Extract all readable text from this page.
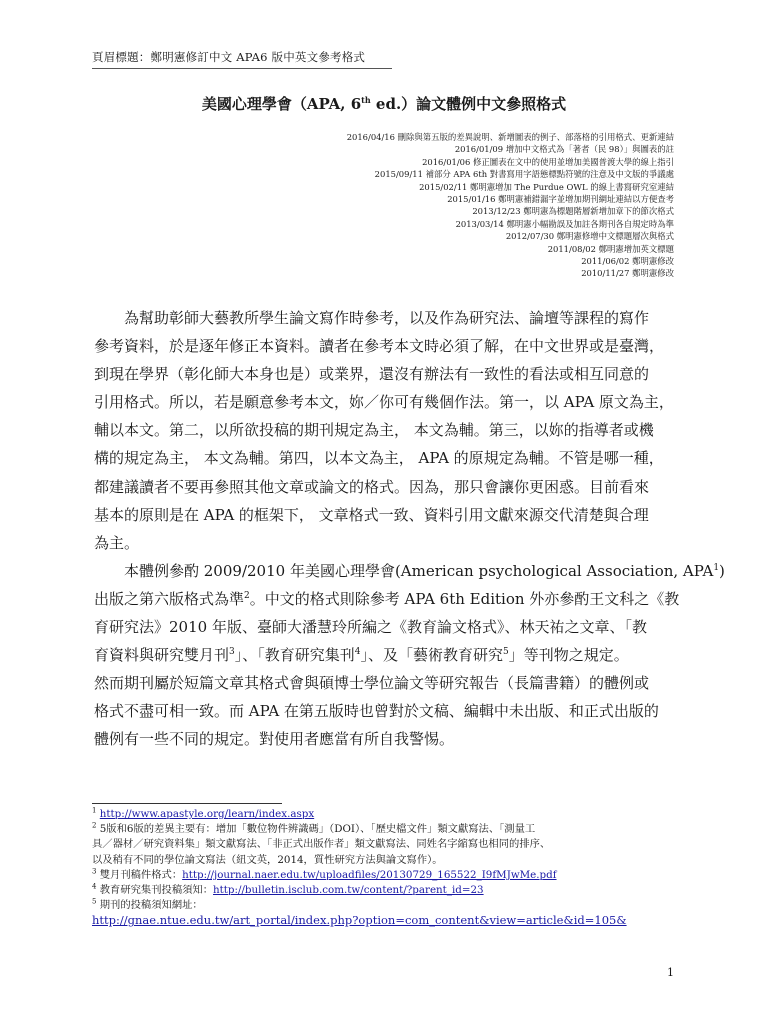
頁眉標題：鄭明憲修訂中文 APA6 版中英文參考格式
美國心理學會（APA, 6th ed.）論文體例中文參照格式
2016/04/16 刪除與第五版的差異說明、新增圖表的例子、部落格的引用格式、更新連結
2016/01/09 增加中文格式為「著者（民 98）」與圖表的註
2016/01/06 修正圖表在文中的使用並增加美國普渡大學的線上指引
2015/09/11 補部分 APA 6th 對書寫用字語態標點符號的注意及中文版的爭議處
2015/02/11 鄭明憲增加 The Purdue OWL 的線上書寫研究室連結
2015/01/16 鄭明憲補錯漏字並增加期刊網址連結以方便查考
2013/12/23 鄭明憲為標題階層新增加章下的節次格式
2013/03/14 鄭明憲小幅勘誤及加註各期刊各自規定時為準
2012/07/30 鄭明憲修增中文標題層次與格式
2011/08/02 鄭明憲增加英文標題
2011/06/02 鄭明憲修改
2010/11/27 鄭明憲修改
　　為幫助彰師大藝教所學生論文寫作時參考，以及作為研究法、論壇等課程的寫作
參考資料，於是逐年修正本資料。讀者在參考本文時必須了解，在中文世界或是臺灣，
到現在學界（彰化師大本身也是）或業界，還沒有辦法有一致性的看法或相互同意的
引用格式。所以，若是願意參考本文，妳／你可有幾個作法。第一，以 APA 原文為主，
輔以本文。第二，以所欲投稿的期刊規定為主， 本文為輔。第三，以妳的指導者或機
構的規定為主， 本文為輔。第四，以本文為主， APA 的原規定為輔。不管是哪一種，
都建議讀者不要再參照其他文章或論文的格式。因為，那只會讓你更困惑。目前看來
基本的原則是在 APA 的框架下， 文章格式一致、資料引用文獻來源交代清楚與合理
為主。
　　本體例參酌 2009/2010 年美國心理學會(American psychological Association, APA$^1$)
出版之第六版格式為準$^2$。中文的格式則除參考 APA 6th Edition 外亦參酌王文科之《教
育研究法》2010 年版、臺師大潘慧玲所編之《教育論文格式》、林天祐之文章、「教
育資料與研究雙月刊$^3$」、「教育研究集刊$^4$」、及「藝術教育研究$^5$」等刊物之規定。
然而期刊屬於短篇文章其格式會與碩博士學位論文等研究報告（長篇書籍）的體例或
格式不盡可相一致。而 APA 在第五版時也曾對於文稿、編輯中未出版、和正式出版的
體例有一些不同的規定。對使用者應當有所自我警惕。
$^1$ http://www.apastyle.org/learn/index.aspx
$^2$ 5版和6版的差異主要有：增加「數位物件辨識碼」（DOI）、「歷史檔文件」類文獻寫法、「測量工
具／器材／研究資料集」類文獻寫法、「非正式出版作者」類文獻寫法、同姓名字縮寫也相同的排序、
以及稍有不同的學位論文寫法（紐文英，2014，質性研究方法與論文寫作）。
$^3$ 雙月刊稿件格式：http://journal.naer.edu.tw/uploadfiles/20130729_165522_I9fMJwMe.pdf
$^4$ 教育研究集刊投稿須知：http://bulletin.isclub.com.tw/content/?parent_id=23
$^5$ 期刊的投稿須知網址：
http://gnae.ntue.edu.tw/art_portal/index.php?option=com_content&view=article&id=105&
1
